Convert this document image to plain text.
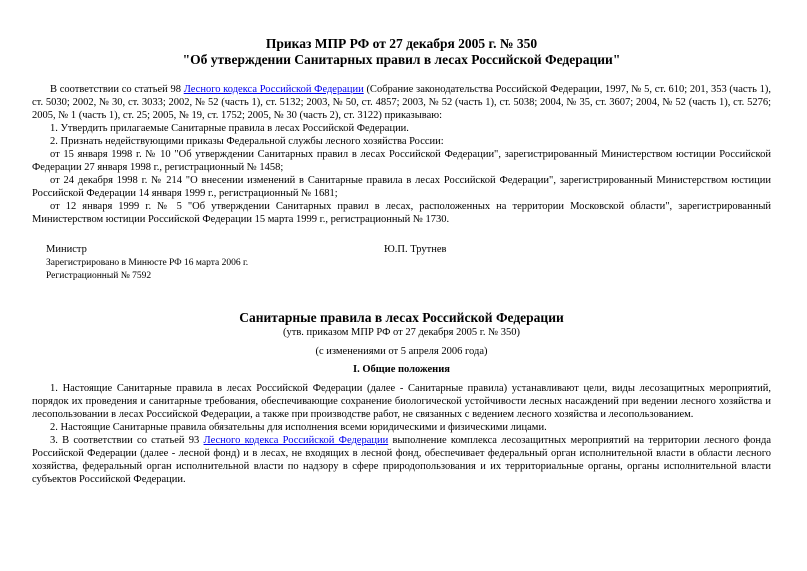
Приказ МПР РФ от 27 декабря 2005 г. № 350

"Об утверждении Санитарных правил в лесах Российской Федерации"

В соответствии со статьей 98 Лесного кодекса Российской Федерации (Собрание законодательства Российской Федерации, 1997, № 5, ст. 610; 201, 353 (часть 1), ст. 5030; 2002, № 30, ст. 3033; 2002, № 52 (часть 1), ст. 5132; 2003, № 50, ст. 4857; 2003, № 52 (часть 1), ст. 5038; 2004, № 35, ст. 3607; 2004, № 52 (часть 1), ст. 5276; 2005, № 1 (часть 1), ст. 25; 2005, № 19, ст. 1752; 2005, № 30 (часть 2), ст. 3122) приказываю:

1. Утвердить прилагаемые Санитарные правила в лесах Российской Федерации.

2. Признать недействующими приказы Федеральной службы лесного хозяйства России:

от 15 января 1998 г. № 10 "Об утверждении Санитарных правил в лесах Российской Федерации", зарегистрированный Министерством юстиции Российской Федерации 27 января 1998 г., регистрационный № 1458;

от 24 декабря 1998 г. № 214 "О внесении изменений в Санитарные правила в лесах Российской Федерации", зарегистрированный Министерством юстиции Российской Федерации 14 января 1999 г., регистрационный № 1681;

от 12 января 1999 г. № 5 "Об утверждении Санитарных правил в лесах, расположенных на территории Московской области", зарегистрированный Министерством юстиции Российской Федерации 15 марта 1999 г., регистрационный № 1730.

Министр	Ю.П. Трутнев
Зарегистрировано в Минюсте РФ 16 марта 2006 г.
Регистрационный № 7592

Санитарные правила в лесах Российской Федерации

(утв. приказом МПР РФ от 27 декабря 2005 г. № 350)

(с изменениями от 5 апреля 2006 года)

I. Общие положения

1. Настоящие Санитарные правила в лесах Российской Федерации (далее - Санитарные правила) устанавливают цели, виды лесозащитных мероприятий, порядок их проведения и санитарные требования, обеспечивающие сохранение биологической устойчивости лесных насаждений при ведении лесного хозяйства и лесопользовании в лесах Российской Федерации, а также при производстве работ, не связанных с ведением лесного хозяйства и лесопользованием.

2. Настоящие Санитарные правила обязательны для исполнения всеми юридическими и физическими лицами.

3. В соответствии со статьей 93 Лесного кодекса Российской Федерации выполнение комплекса лесозащитных мероприятий на территории лесного фонда Российской Федерации (далее - лесной фонд) и в лесах, не входящих в лесной фонд, обеспечивает федеральный орган исполнительной власти в области лесного хозяйства, федеральный орган исполнительной власти по надзору в сфере природопользования и их территориальные органы, органы исполнительной власти субъектов Российской Федерации.
